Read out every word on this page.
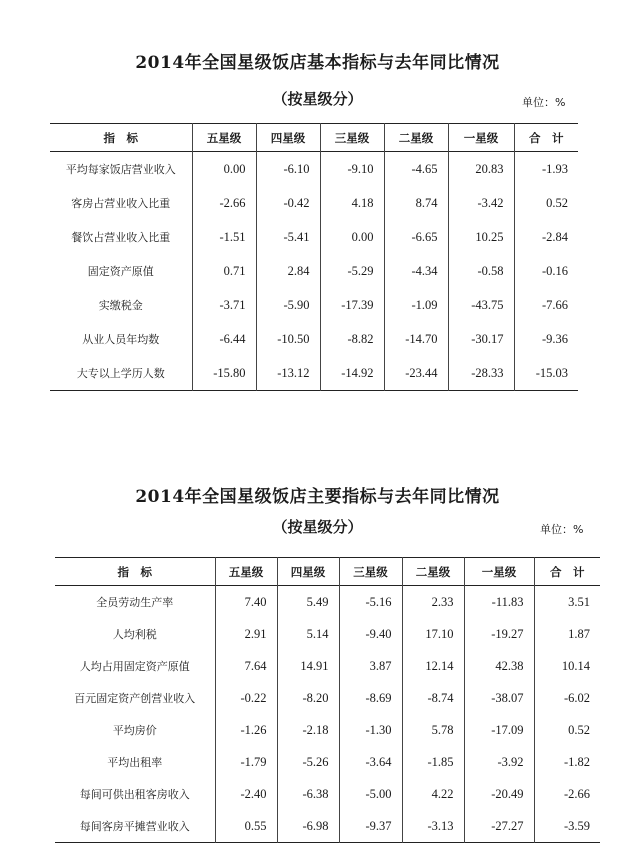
2014年全国星级饭店基本指标与去年同比情况
（按星级分）	单位：%
指　标	五星级	四星级	三星级	二星级	一星级	合　计
平均每家饭店营业收入	0.00	-6.10	-9.10	-4.65	20.83	-1.93
客房占营业收入比重	-2.66	-0.42	4.18	8.74	-3.42	0.52
餐饮占营业收入比重	-1.51	-5.41	0.00	-6.65	10.25	-2.84
固定资产原值	0.71	2.84	-5.29	-4.34	-0.58	-0.16
实缴税金	-3.71	-5.90	-17.39	-1.09	-43.75	-7.66
从业人员年均数	-6.44	-10.50	-8.82	-14.70	-30.17	-9.36
大专以上学历人数	-15.80	-13.12	-14.92	-23.44	-28.33	-15.03
2014年全国星级饭店主要指标与去年同比情况
（按星级分）	单位：%
指　标	五星级	四星级	三星级	二星级	一星级	合　计
全员劳动生产率	7.40	5.49	-5.16	2.33	-11.83	3.51
人均利税	2.91	5.14	-9.40	17.10	-19.27	1.87
人均占用固定资产原值	7.64	14.91	3.87	12.14	42.38	10.14
百元固定资产创营业收入	-0.22	-8.20	-8.69	-8.74	-38.07	-6.02
平均房价	-1.26	-2.18	-1.30	5.78	-17.09	0.52
平均出租率	-1.79	-5.26	-3.64	-1.85	-3.92	-1.82
每间可供出租客房收入	-2.40	-6.38	-5.00	4.22	-20.49	-2.66
每间客房平摊营业收入	0.55	-6.98	-9.37	-3.13	-27.27	-3.59
